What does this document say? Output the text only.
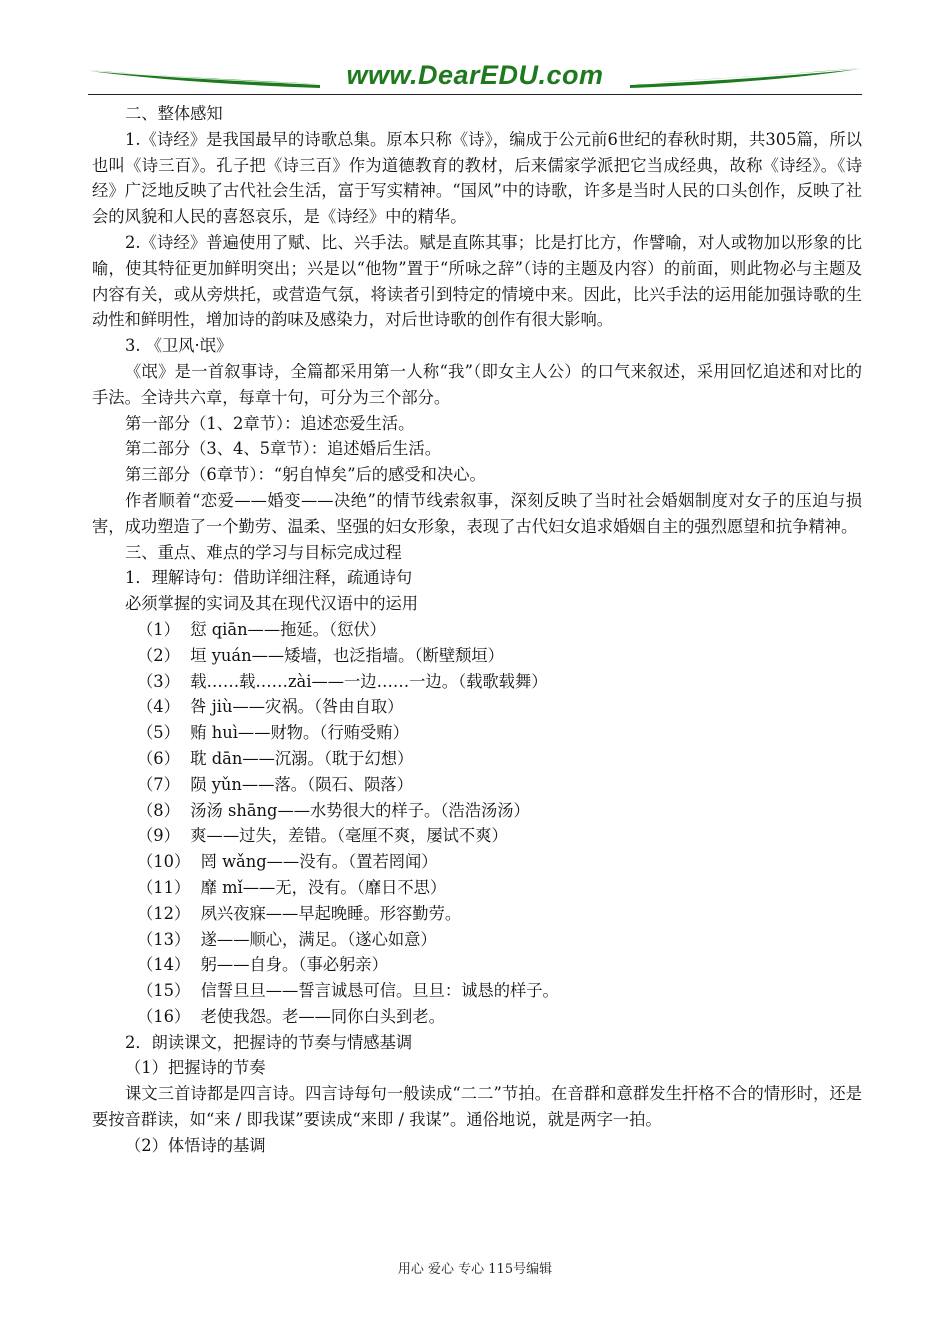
www.DearEDU.com

二、整体感知

1.《诗经》是我国最早的诗歌总集。原本只称《诗》，编成于公元前6世纪的春秋时期，共305篇，所以也叫《诗三百》。孔子把《诗三百》作为道德教育的教材，后来儒家学派把它当成经典，故称《诗经》。《诗经》广泛地反映了古代社会生活，富于写实精神。“国风”中的诗歌，许多是当时人民的口头创作，反映了社会的风貌和人民的喜怒哀乐，是《诗经》中的精华。

2.《诗经》普遍使用了赋、比、兴手法。赋是直陈其事；比是打比方，作譬喻，对人或物加以形象的比喻，使其特征更加鲜明突出；兴是以“他物”置于“所咏之辞”（诗的主题及内容）的前面，则此物必与主题及内容有关，或从旁烘托，或营造气氛，将读者引到特定的情境中来。因此，比兴手法的运用能加强诗歌的生动性和鲜明性，增加诗的韵味及感染力，对后世诗歌的创作有很大影响。

3. 《卫风·氓》

《氓》是一首叙事诗，全篇都采用第一人称“我”（即女主人公）的口气来叙述，采用回忆追述和对比的手法。全诗共六章，每章十句，可分为三个部分。

第一部分（1、2章节）：追述恋爱生活。

第二部分（3、4、5章节）：追述婚后生活。

第三部分（6章节）：“躬自悼矣”后的感受和决心。

作者顺着“恋爱——婚变——决绝”的情节线索叙事，深刻反映了当时社会婚姻制度对女子的压迫与损害，成功塑造了一个勤劳、温柔、坚强的妇女形象，表现了古代妇女追求婚姻自主的强烈愿望和抗争精神。

三、重点、难点的学习与目标完成过程

1．理解诗句：借助详细注释，疏通诗句

必须掌握的实词及其在现代汉语中的运用

（1）  愆 qiān——拖延。（愆伏）

（2）  垣 yuán——矮墙，也泛指墙。（断壁颓垣）

（3）  载……载……zài——一边……一边。（载歌载舞）

（4）  咎 jiù——灾祸。（咎由自取）

（5）  贿 huì——财物。（行贿受贿）

（6）  耽 dān——沉溺。（耽于幻想）

（7）  陨 yǔn——落。（陨石、陨落）

（8）  汤汤 shāng——水势很大的样子。（浩浩汤汤）

（9）  爽——过失，差错。（毫厘不爽，屡试不爽）

（10）  罔 wǎng——没有。（置若罔闻）

（11）  靡 mǐ——无，没有。（靡日不思）

（12）  夙兴夜寐——早起晚睡。形容勤劳。

（13）  遂——顺心，满足。（遂心如意）

（14）  躬——自身。（事必躬亲）

（15）  信誓旦旦——誓言诚恳可信。旦旦：诚恳的样子。

（16）  老使我怨。老——同你白头到老。

2．朗读课文，把握诗的节奏与情感基调

（1）把握诗的节奏

课文三首诗都是四言诗。四言诗每句一般读成“二二”节拍。在音群和意群发生扞格不合的情形时，还是要按音群读，如“来 / 即我谋”要读成“来即 / 我谋”。通俗地说，就是两字一拍。

（2）体悟诗的基调

用心 爱心 专心 115号编辑
